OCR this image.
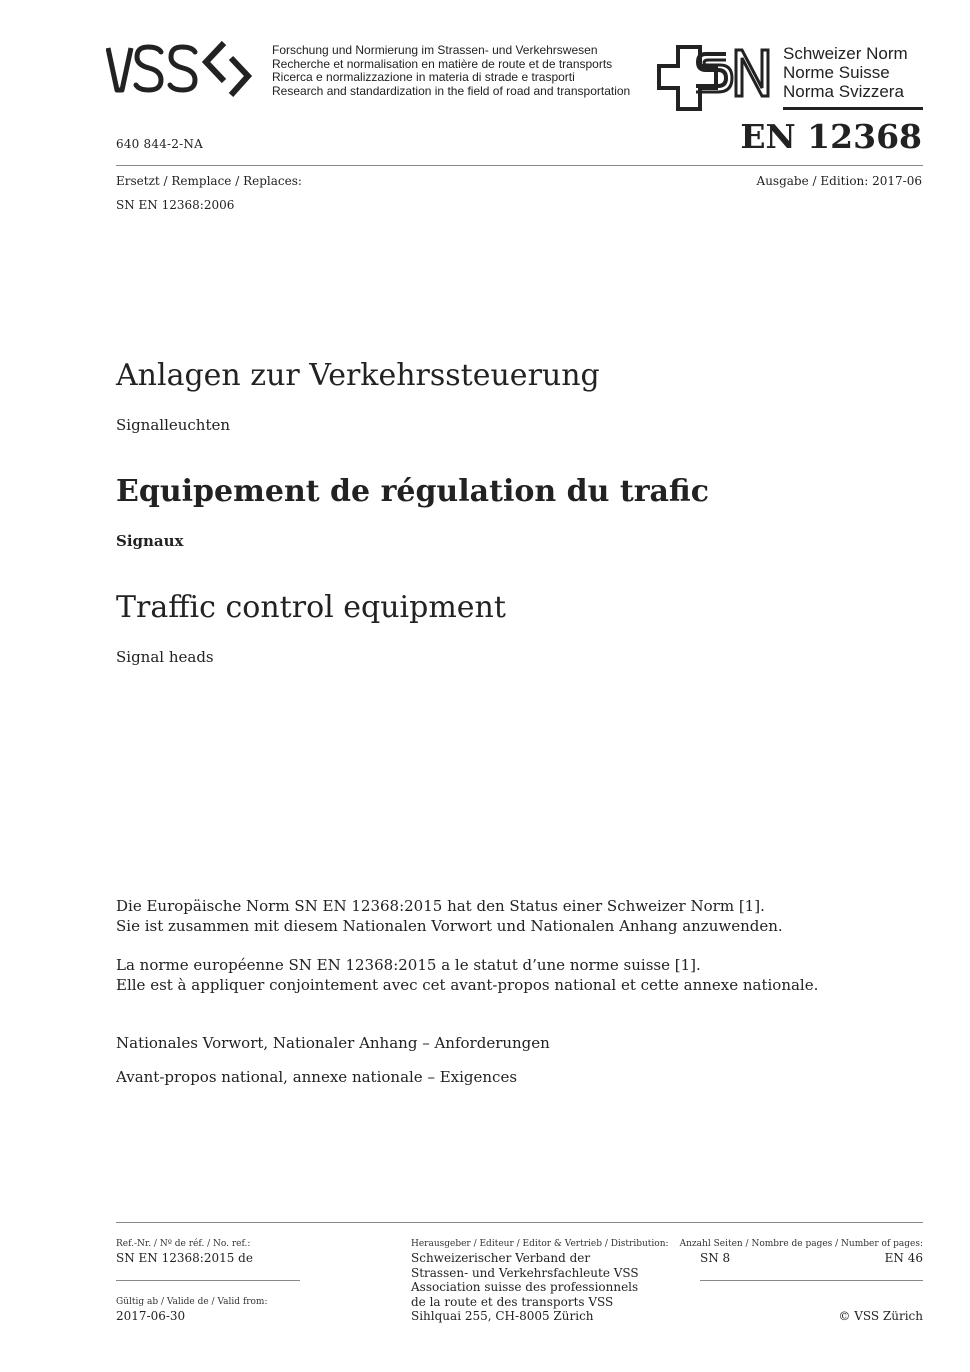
Forschung und Normierung im Strassen- und Verkehrswesen
Recherche et normalisation en matière de route et de transports
Ricerca e normalizzazione in materia di strade e trasporti
Research and standardization in the field of road and transportation
Schweizer Norm
Norme Suisse
Norma Svizzera
640 844-2-NA	EN 12368
Ersetzt / Remplace / Replaces:	Ausgabe / Edition: 2017-06
SN EN 12368:2006
Anlagen zur Verkehrssteuerung
Signalleuchten
Equipement de régulation du trafic
Signaux
Traffic control equipment
Signal heads
Die Europäische Norm SN EN 12368:2015 hat den Status einer Schweizer Norm [1].
Sie ist zusammen mit diesem Nationalen Vorwort und Nationalen Anhang anzuwenden.
La norme européenne SN EN 12368:2015 a le statut d’une norme suisse [1].
Elle est à appliquer conjointement avec cet avant-propos national et cette annexe nationale.
Nationales Vorwort, Nationaler Anhang – Anforderungen
Avant-propos national, annexe nationale – Exigences
Ref.-Nr. / Nº de réf. / No. ref.:
SN EN 12368:2015 de
Gültig ab / Valide de / Valid from:
2017-06-30
Herausgeber / Editeur / Editor & Vertrieb / Distribution:
Schweizerischer Verband der
Strassen- und Verkehrsfachleute VSS
Association suisse des professionnels
de la route et des transports VSS
Sihlquai 255, CH-8005 Zürich
Anzahl Seiten / Nombre de pages / Number of pages:
SN 8	EN 46
© VSS Zürich
